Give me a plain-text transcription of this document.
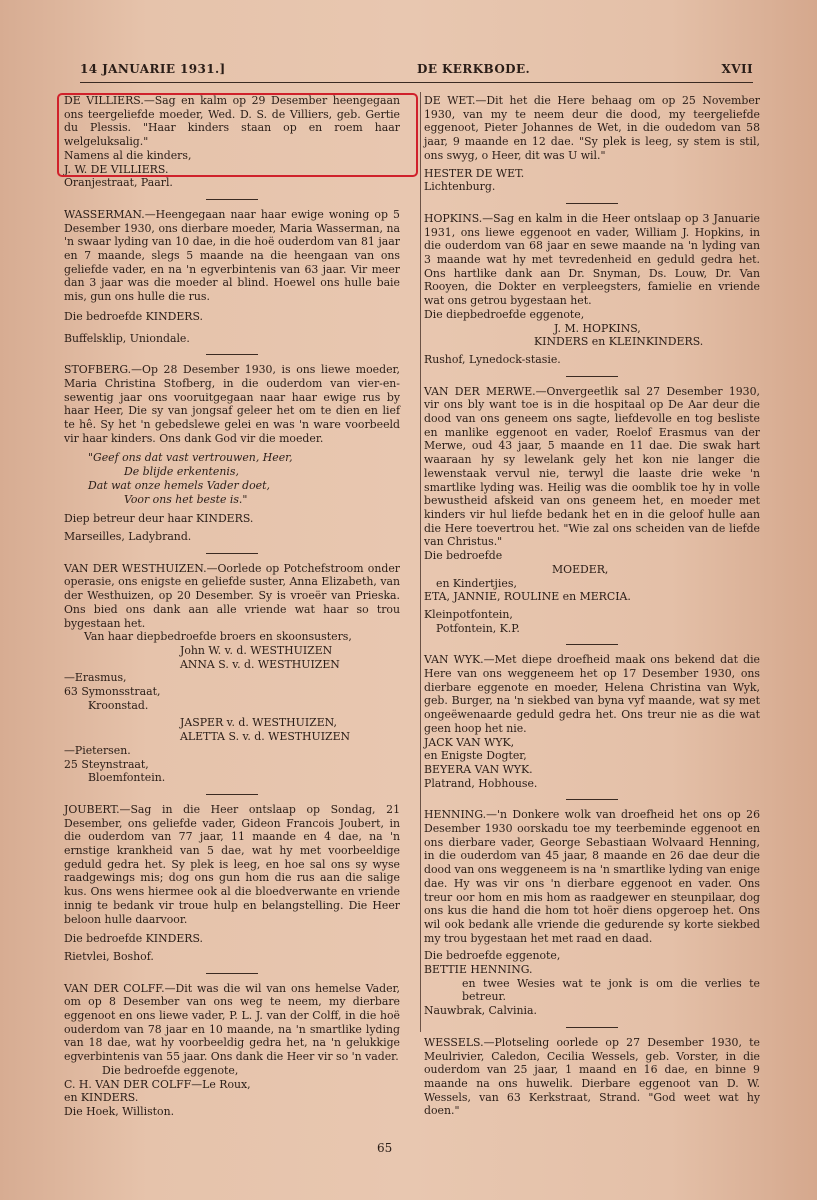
14 JANUARIE 1931.]	DE KERKBODE.	XVII

DE VILLIERS.—Sag en kalm op 29 Desember heengegaan ons teergeliefde moeder, Wed. D. S. de Villiers, geb. Gertie du Plessis. "Haar kinders staan op en roem haar welgeluksalig."

Namens al die kinders,

J. W. DE VILLIERS.

Oranjestraat, Paarl.

WASSERMAN.—Heengegaan naar haar ewige woning op 5 Desember 1930, ons dierbare moeder, Maria Wasserman, na 'n swaar lyding van 10 dae, in die hoë ouderdom van 81 jaar en 7 maande, slegs 5 maande na die heengaan van ons geliefde vader, en na 'n egverbintenis van 63 jaar. Vir meer dan 3 jaar was die moeder al blind. Hoewel ons hulle baie mis, gun ons hulle die rus.

Die bedroefde KINDERS.

Buffelsklip, Uniondale.

STOFBERG.—Op 28 Desember 1930, is ons liewe moeder, Maria Christina Stofberg, in die ouderdom van vier-en-sewentig jaar ons vooruitgegaan naar haar ewige rus by haar Heer, Die sy van jongsaf geleer het om te dien en lief te hê. Sy het 'n gebedslewe gelei en was 'n ware voorbeeld vir haar kinders. Ons dank God vir die moeder.

"Geef ons dat vast vertrouwen, Heer,
De blijde erkentenis,
Dat wat onze hemels Vader doet,
Voor ons het beste is."

Diep betreur deur haar KINDERS.

Marseilles, Ladybrand.

VAN DER WESTHUIZEN.—Oorlede op Potchefstroom onder operasie, ons enigste en geliefde suster, Anna Elizabeth, van der Westhuizen, op 20 Desember. Sy is vroeër van Prieska. Ons bied ons dank aan alle vriende wat haar so trou bygestaan het.

Van haar diepbedroefde broers en skoonsusters,

John W. v. d. WESTHUIZEN

ANNA S. v. d. WESTHUIZEN

—Erasmus,

63 Symonsstraat,

Kroonstad.

JASPER v. d. WESTHUIZEN,

ALETTA S. v. d. WESTHUIZEN

—Pietersen.

25 Steynstraat,

Bloemfontein.

JOUBERT.—Sag in die Heer ontslaap op Sondag, 21 Desember, ons geliefde vader, Gideon Francois Joubert, in die ouderdom van 77 jaar, 11 maande en 4 dae, na 'n ernstige krankheid van 5 dae, wat hy met voorbeeldige geduld gedra het. Sy plek is leeg, en hoe sal ons sy wyse raadgewings mis; dog ons gun hom die rus aan die salige kus. Ons wens hiermee ook al die bloedverwante en vriende innig te bedank vir troue hulp en belangstelling. Die Heer beloon hulle daarvoor.

Die bedroefde KINDERS.

Rietvlei, Boshof.

VAN DER COLFF.—Dit was die wil van ons hemelse Vader, om op 8 Desember van ons weg te neem, my dierbare eggenoot en ons liewe vader, P. L. J. van der Colff, in die hoë ouderdom van 78 jaar en 10 maande, na 'n smartlike lyding van 18 dae, wat hy voorbeeldig gedra het, na 'n gelukkige egverbintenis van 55 jaar. Ons dank die Heer vir so 'n vader.

Die bedroefde eggenote,

C. H. VAN DER COLFF—Le Roux,

en KINDERS.

Die Hoek, Williston.

DE WET.—Dit het die Here behaag om op 25 November 1930, van my te neem deur die dood, my teergeliefde eggenoot, Pieter Johannes de Wet, in die oudedom van 58 jaar, 9 maande en 12 dae. "Sy plek is leeg, sy stem is stil, ons swyg, o Heer, dit was U wil."

HESTER DE WET.

Lichtenburg.

HOPKINS.—Sag en kalm in die Heer ontslaap op 3 Januarie 1931, ons liewe eggenoot en vader, William J. Hopkins, in die ouderdom van 68 jaar en sewe maande na 'n lyding van 3 maande wat hy met tevredenheid en geduld gedra het. Ons hartlike dank aan Dr. Snyman, Ds. Louw, Dr. Van Rooyen, die Dokter en verpleegsters, famielie en vriende wat ons getrou bygestaan het.

Die diepbedroefde eggenote,

J. M. HOPKINS,

KINDERS en KLEINKINDERS.

Rushof, Lynedock-stasie.

VAN DER MERWE.—Onvergeetlik sal 27 Desember 1930, vir ons bly want toe is in die hospitaal op De Aar deur die dood van ons geneem ons sagte, liefdevolle en tog besliste en manlike eggenoot en vader, Roelof Erasmus van der Merwe, oud 43 jaar, 5 maande en 11 dae. Die swak hart waaraan hy sy lewelank gely het kon nie langer die lewenstaak vervul nie, terwyl die laaste drie weke 'n smartlike lyding was. Heilig was die oomblik toe hy in volle bewustheid afskeid van ons geneem het, en moeder met kinders vir hul liefde bedank het en in die geloof hulle aan die Here toevertrou het. "Wie zal ons scheiden van de liefde van Christus."

Die bedroefde

MOEDER,

en Kindertjies,

ETA, JANNIE, ROULINE en MERCIA.

Kleinpotfontein,

Potfontein, K.P.

VAN WYK.—Met diepe droefheid maak ons bekend dat die Here van ons weggeneem het op 17 Desember 1930, ons dierbare eggenote en moeder, Helena Christina van Wyk, geb. Burger, na 'n siekbed van byna vyf maande, wat sy met ongeëwenaarde geduld gedra het. Ons treur nie as die wat geen hoop het nie.

JACK VAN WYK,

en Enigste Dogter,

BEYERA VAN WYK.

Platrand, Hobhouse.

HENNING.—'n Donkere wolk van droefheid het ons op 26 Desember 1930 oorskadu toe my teerbeminde eggenoot en ons dierbare vader, George Sebastiaan Wolvaard Henning, in die ouderdom van 45 jaar, 8 maande en 26 dae deur die dood van ons weggeneem is na 'n smartlike lyding van enige dae. Hy was vir ons 'n dierbare eggenoot en vader. Ons treur oor hom en mis hom as raadgewer en steunpilaar, dog ons kus die hand die hom tot hoër diens opgeroep het. Ons wil ook bedank alle vriende die gedurende sy korte siekbed my trou bygestaan het met raad en daad.

Die bedroefde eggenote,

BETTIE HENNING.

en twee Wesies wat te jonk is om die verlies te betreur.

Nauwbrak, Calvinia.

WESSELS.—Plotseling oorlede op 27 Desember 1930, te Meulrivier, Caledon, Cecilia Wessels, geb. Vorster, in die ouderdom van 25 jaar, 1 maand en 16 dae, en binne 9 maande na ons huwelik. Dierbare eggenoot van D. W. Wessels, van 63 Kerkstraat, Strand. "God weet wat hy doen."

65
